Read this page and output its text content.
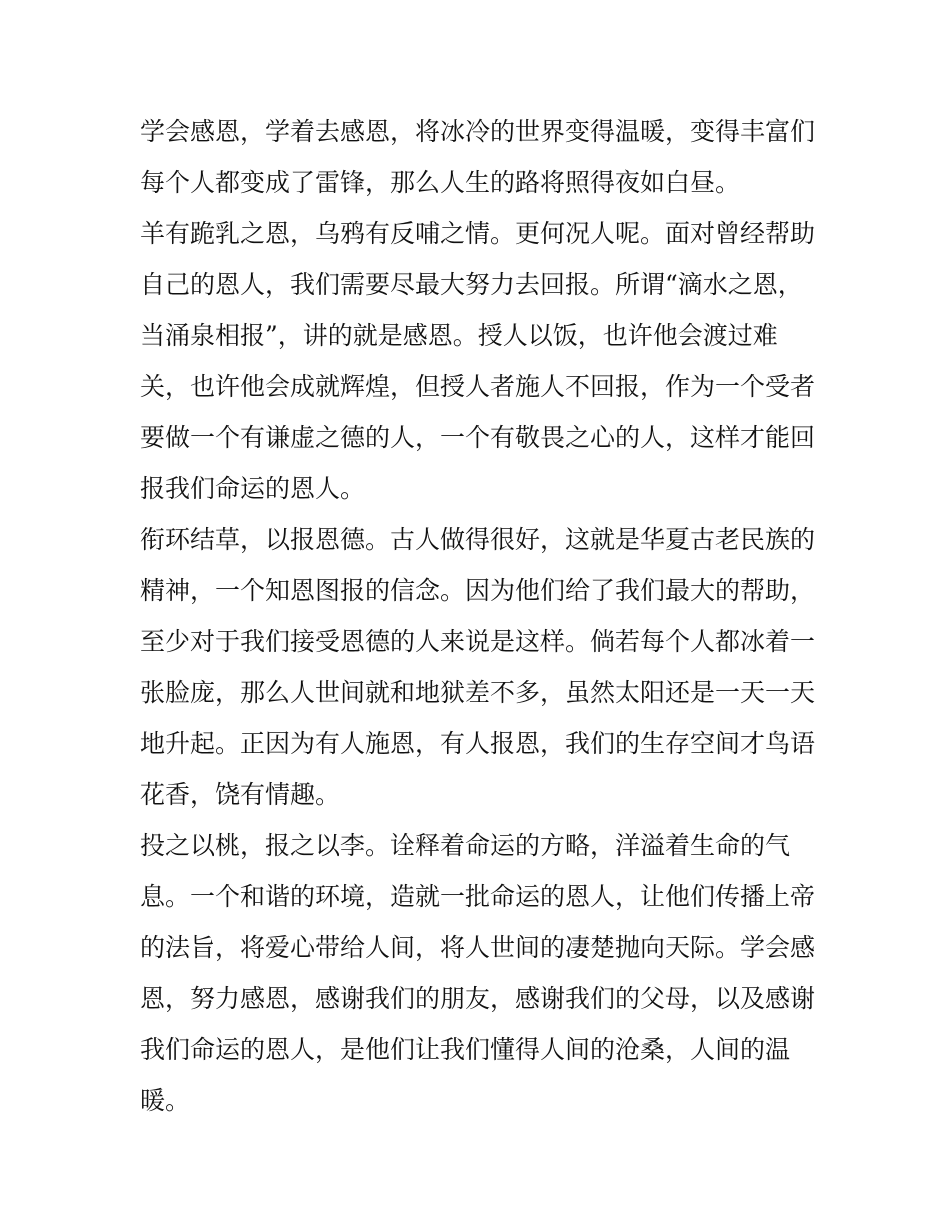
学会感恩，学着去感恩，将冰冷的世界变得温暖，变得丰富们
每个人都变成了雷锋，那么人生的路将照得夜如白昼。
羊有跪乳之恩，乌鸦有反哺之情。更何况人呢。面对曾经帮助
自己的恩人，我们需要尽最大努力去回报。所谓“滴水之恩，
当涌泉相报”，讲的就是感恩。授人以饭，也许他会渡过难
关，也许他会成就辉煌，但授人者施人不回报，作为一个受者
要做一个有谦虚之德的人，一个有敬畏之心的人，这样才能回
报我们命运的恩人。
衔环结草，以报恩德。古人做得很好，这就是华夏古老民族的
精神，一个知恩图报的信念。因为他们给了我们最大的帮助，
至少对于我们接受恩德的人来说是这样。倘若每个人都冰着一
张脸庞，那么人世间就和地狱差不多，虽然太阳还是一天一天
地升起。正因为有人施恩，有人报恩，我们的生存空间才鸟语
花香，饶有情趣。
投之以桃，报之以李。诠释着命运的方略，洋溢着生命的气
息。一个和谐的环境，造就一批命运的恩人，让他们传播上帝
的法旨，将爱心带给人间，将人世间的凄楚抛向天际。学会感
恩，努力感恩，感谢我们的朋友，感谢我们的父母，以及感谢
我们命运的恩人，是他们让我们懂得人间的沧桑，人间的温
暖。
